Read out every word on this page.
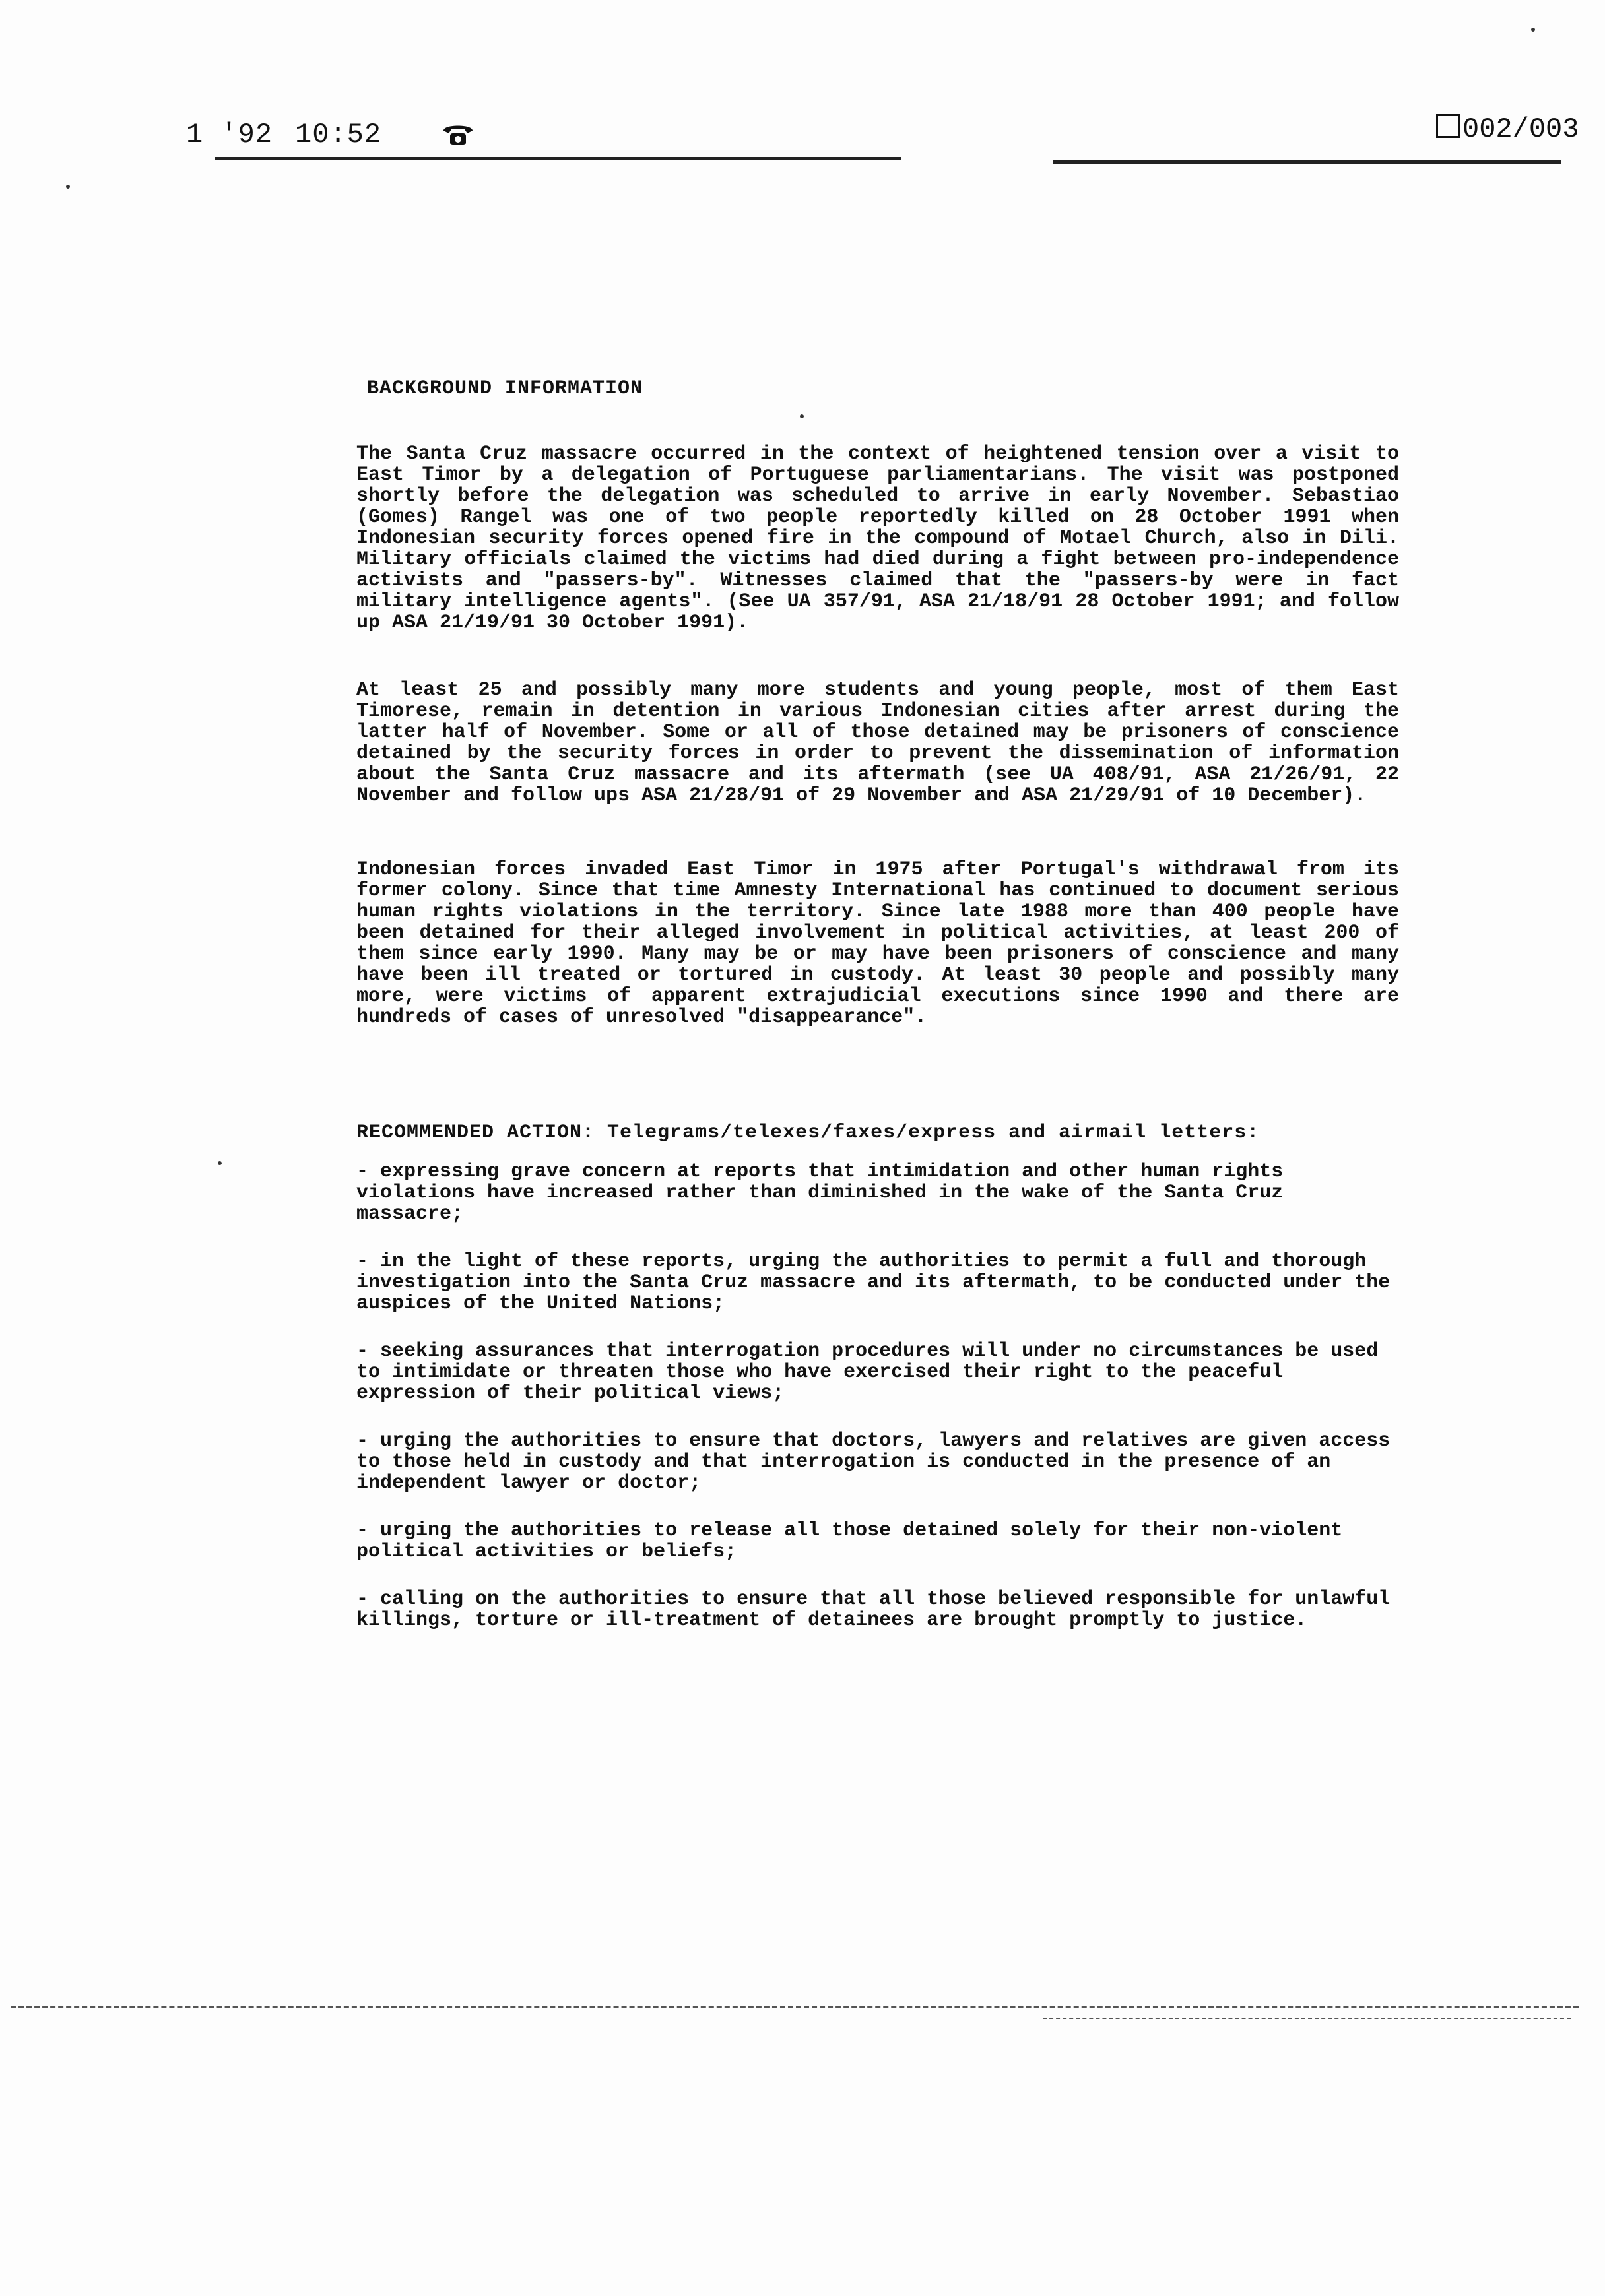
1 '92 10:52	002/003
BACKGROUND INFORMATION
The Santa Cruz massacre occurred in the context of heightened tension over a visit to East Timor by a delegation of Portuguese parliamentarians. The visit was postponed shortly before the delegation was scheduled to arrive in early November. Sebastiao (Gomes) Rangel was one of two people reportedly killed on 28 October 1991 when Indonesian security forces opened fire in the compound of Motael Church, also in Dili. Military officials claimed the victims had died during a fight between pro-independence activists and "passers-by". Witnesses claimed that the "passers-by were in fact military intelligence agents". (See UA 357/91, ASA 21/18/91 28 October 1991; and follow up ASA 21/19/91 30 October 1991).
At least 25 and possibly many more students and young people, most of them East Timorese, remain in detention in various Indonesian cities after arrest during the latter half of November. Some or all of those detained may be prisoners of conscience detained by the security forces in order to prevent the dissemination of information about the Santa Cruz massacre and its aftermath (see UA 408/91, ASA 21/26/91, 22 November and follow ups ASA 21/28/91 of 29 November and ASA 21/29/91 of 10 December).
Indonesian forces invaded East Timor in 1975 after Portugal's withdrawal from its former colony. Since that time Amnesty International has continued to document serious human rights violations in the territory. Since late 1988 more than 400 people have been detained for their alleged involvement in political activities, at least 200 of them since early 1990. Many may be or may have been prisoners of conscience and many have been ill treated or tortured in custody. At least 30 people and possibly many more, were victims of apparent extrajudicial executions since 1990 and there are hundreds of cases of unresolved "disappearance".
RECOMMENDED ACTION: Telegrams/telexes/faxes/express and airmail letters:
- expressing grave concern at reports that intimidation and other human rights violations have increased rather than diminished in the wake of the Santa Cruz massacre;
- in the light of these reports, urging the authorities to permit a full and thorough investigation into the Santa Cruz massacre and its aftermath, to be conducted under the auspices of the United Nations;
- seeking assurances that interrogation procedures will under no circumstances be used to intimidate or threaten those who have exercised their right to the peaceful expression of their political views;
- urging the authorities to ensure that doctors, lawyers and relatives are given access to those held in custody and that interrogation is conducted in the presence of an independent lawyer or doctor;
- urging the authorities to release all those detained solely for their non-violent political activities or beliefs;
- calling on the authorities to ensure that all those believed responsible for unlawful killings, torture or ill-treatment of detainees are brought promptly to justice.
